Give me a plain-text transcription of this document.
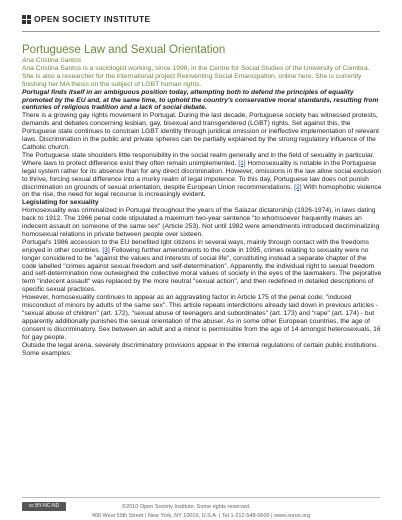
OPEN SOCIETY INSTITUTE
Portuguese Law and Sexual Orientation

Ana Cristina Santos

Ana Cristina Santos is a sociologist working, since 1998, in the Centre for Social Studies of the University of Coimbra. She is also a researcher for the international project Reinventing Social Emancipation, online here. She is currently finishing her MA thesis on the subject of LGBT human rights.

Portugal finds itself in an ambiguous position today, attempting both to defend the principles of equality promoted by the EU and, at the same time, to uphold the country's conservative moral standards, resulting from centuries of religious tradition and a lack of social debate.

There is a growing gay rights movement in Portugal. During the last decade, Portuguese society has witnessed protests, demands and debates concerning lesbian, gay, bisexual and transgendered (LGBT) rights. Set against this, the Portuguese state continues to constrain LGBT identity through juridical omission or ineffective implementation of relevant laws. Discrimination in the public and private spheres can be partially explained by the strong regulatory influence of the Catholic church.

The Portuguese state shoulders little responsibility in the social realm generally and in the field of sexuality in particular. Where laws to protect difference exist they often remain unimplemented. [1] Homosexuality is notable in the Portuguese legal system rather for its absence than for any direct discrimination. However, omissions in the law allow social exclusion to thrive, forcing sexual difference into a murky realm of legal impotence. To this day, Portuguese law does not punish discrimination on grounds of sexual orientation, despite European Union recommendations. [2] With homophobic violence on the rise, the need for legal recourse is increasingly evident.

Legislating for sexuality

Homosexuality was criminalized in Portugal throughout the years of the Salazar dictatorship (1926-1974), in laws dating back to 1912. The 1966 penal code stipulated a maximum two-year sentence "to whomsoever frequently makes an indecent assault on someone of the same sex" (Article 253). Not until 1982 were amendments introduced decriminalizing homosexual relations in private between people over sixteen.

Portugal's 1986 accession to the EU benefited lgbt citizens in several ways, mainly through contact with the freedoms enjoyed in other countries. [3] Following further amendments to the code in 1995, crimes relating to sexuality were no longer considered to be "against the values and interests of social life", constituting instead a separate chapter of the code labelled "crimes against sexual freedom and self-determination". Apparently, the individual right to sexual freedom and self-determination now outweighed the collective moral values of society in the eyes of the lawmakers. The pejorative term "indecent assault" was replaced by the more neutral "sexual action", and then redefined in detailed descriptions of specific sexual practices.

However, homosexuality continues to appear as an aggravating factor in Article 175 of the penal code: "induced misconduct of minors by adults of the same sex". This article repeats interdictions already laid down in previous articles - "sexual abuse of children" (art. 172), "sexual abuse of teenagers and subordinates" (art. 173) and "rape" (art. 174) - but apparently additionally punishes the sexual orientation of the abuser. As in some other European countries, the age of consent is discriminatory. Sex between an adult and a minor is permissible from the age of 14 amongst heterosexuals, 16 for gay people.

Outside the legal arena, severely discriminatory provisions appear in the internal regulations of certain public institutions. Some examples:

cc BY-NC-ND	©2010 Open Society Institute. Some rights reserved.
400 West 59th Street | New York, NY 10019, U.S.A. | Tel 1-212-548-0600 | www.soros.org
